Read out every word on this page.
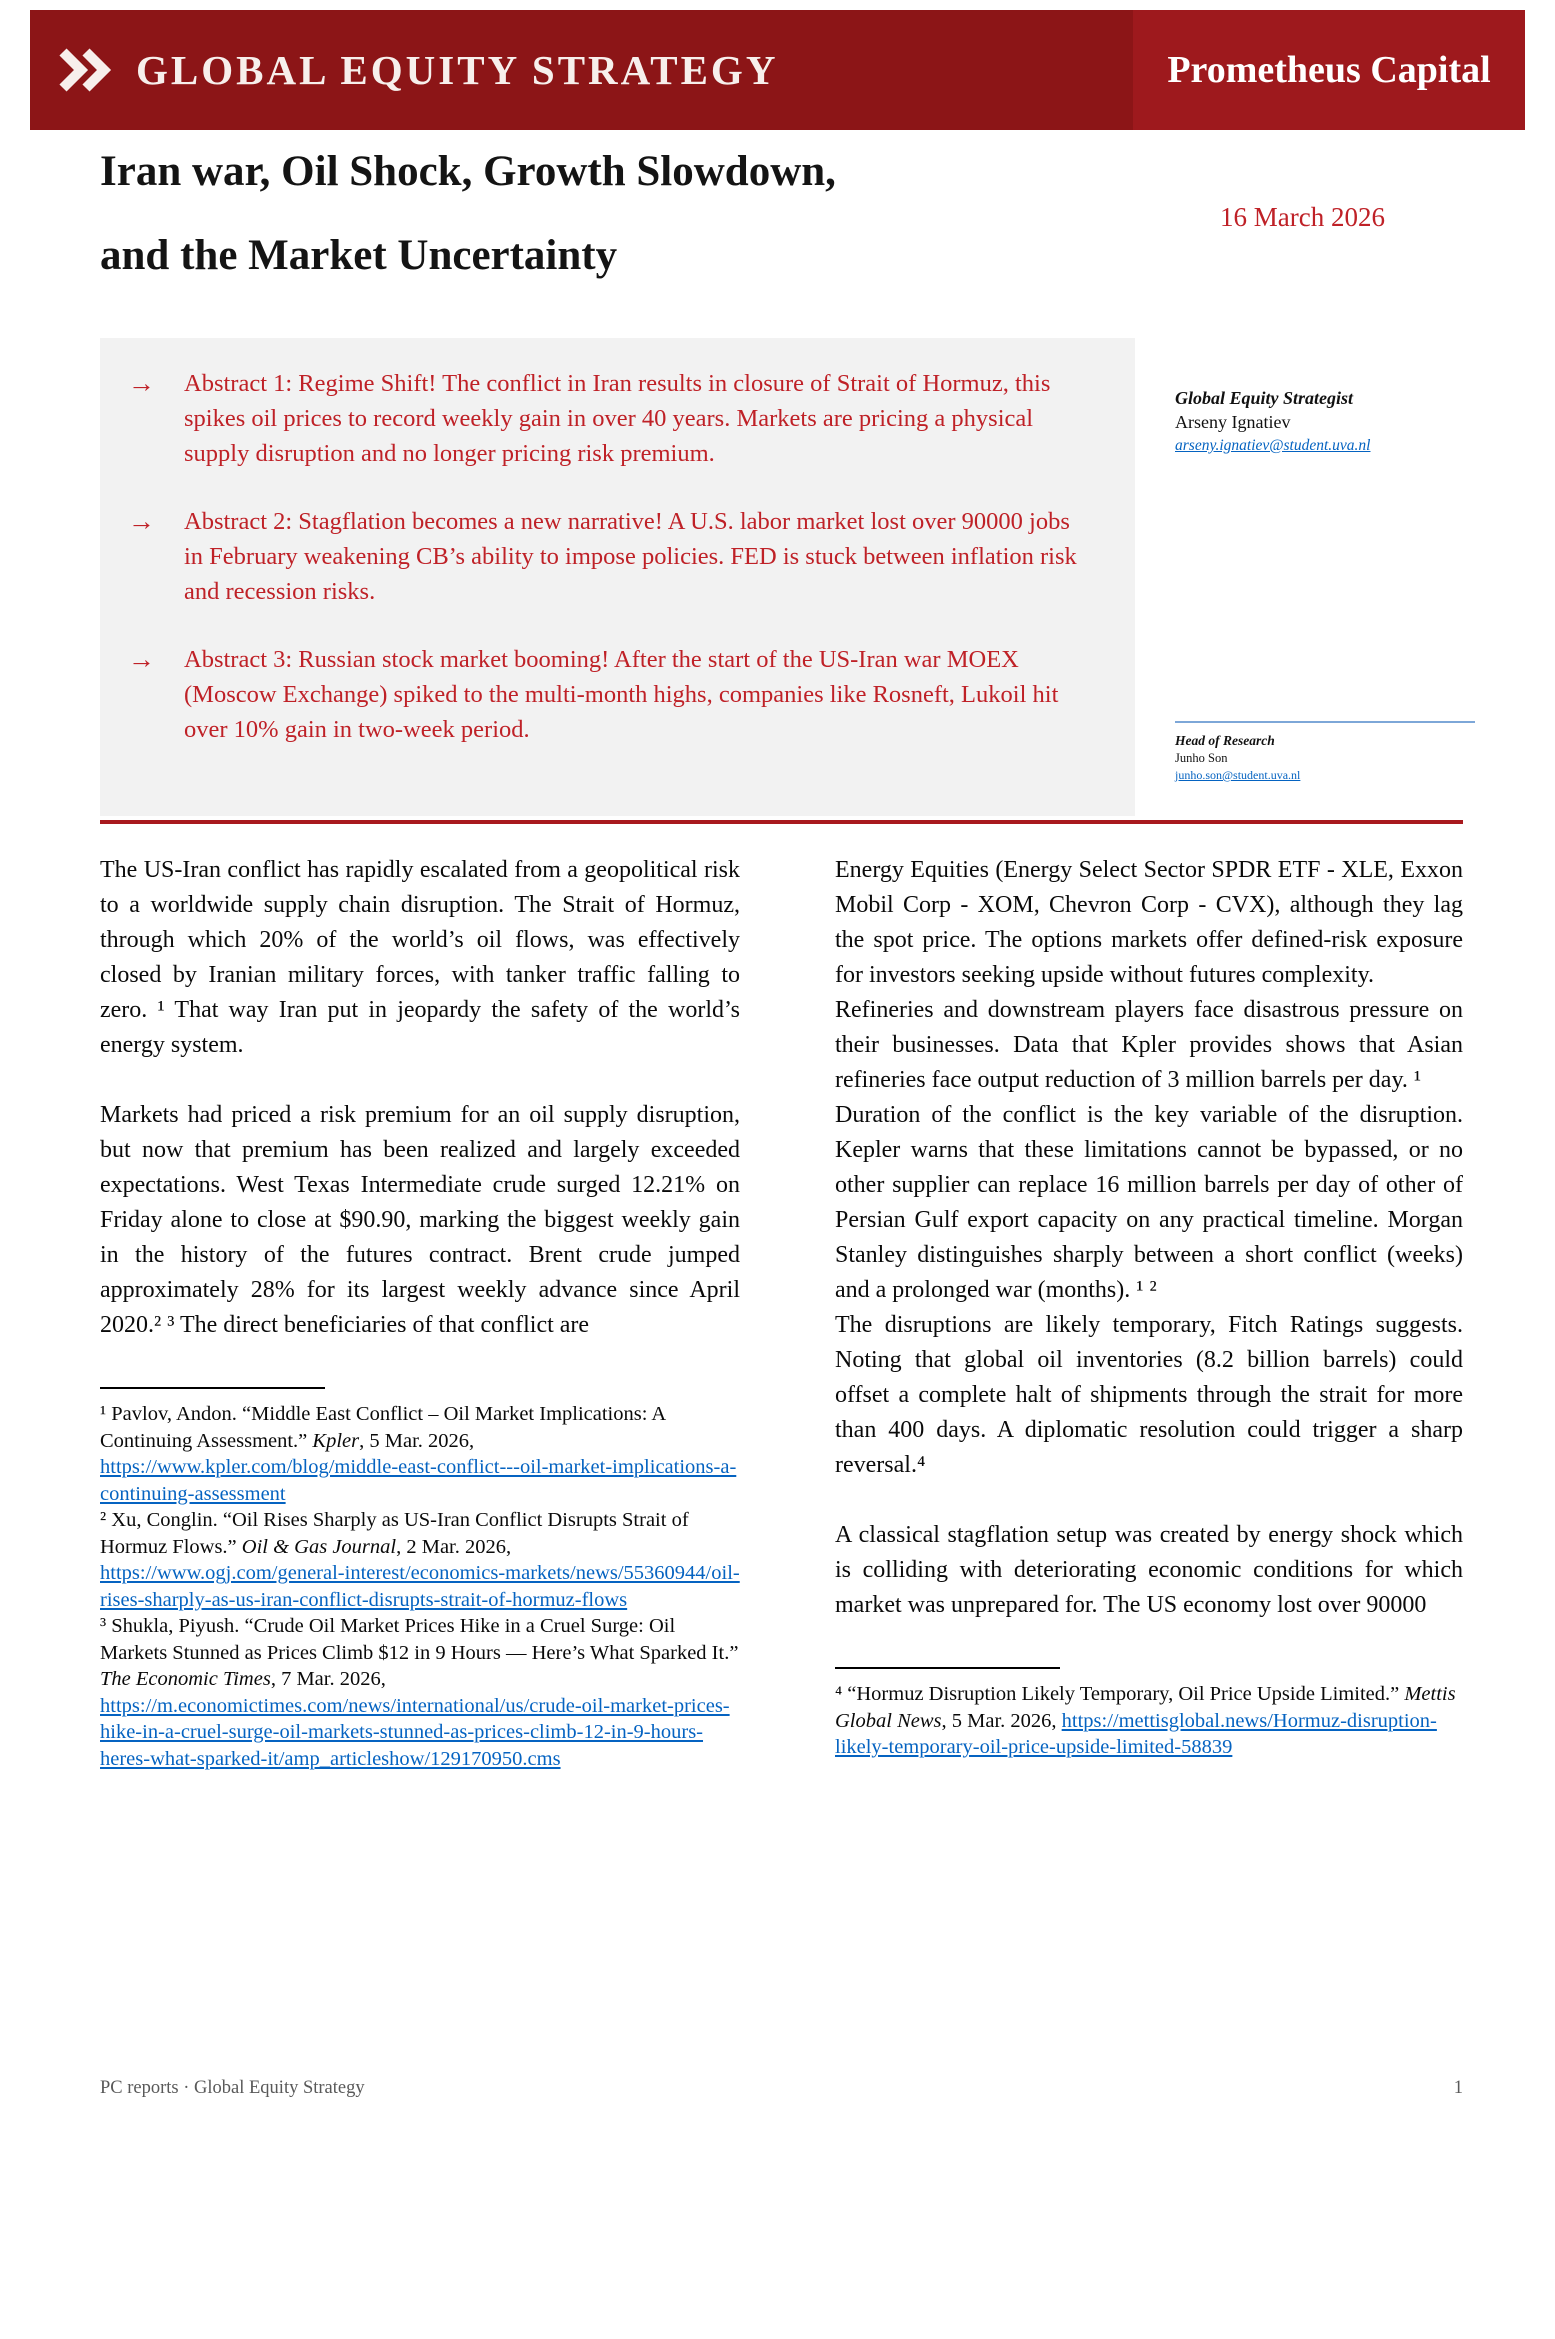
GLOBAL EQUITY STRATEGY	Prometheus Capital
Iran war, Oil Shock, Growth Slowdown,
and the Market Uncertainty
16 March 2026
→	Abstract 1: Regime Shift! The conflict in Iran results in closure of Strait of Hormuz, this spikes oil prices to record weekly gain in over 40 years. Markets are pricing a physical supply disruption and no longer pricing risk premium.
→	Abstract 2: Stagflation becomes a new narrative! A U.S. labor market lost over 90000 jobs in February weakening CB’s ability to impose policies. FED is stuck between inflation risk and recession risks.
→	Abstract 3: Russian stock market booming! After the start of the US-Iran war MOEX (Moscow Exchange) spiked to the multi-month highs, companies like Rosneft, Lukoil hit over 10% gain in two-week period.
Global Equity Strategist
Arseny Ignatiev
arseny.ignatiev@student.uva.nl
Head of Research
Junho Son
junho.son@student.uva.nl

The US-Iran conflict has rapidly escalated from a geopolitical risk to a worldwide supply chain disruption. The Strait of Hormuz, through which 20% of the world’s oil flows, was effectively closed by Iranian military forces, with tanker traffic falling to zero. ¹ That way Iran put in jeopardy the safety of the world’s energy system.

Markets had priced a risk premium for an oil supply disruption, but now that premium has been realized and largely exceeded expectations. West Texas Intermediate crude surged 12.21% on Friday alone to close at $90.90, marking the biggest weekly gain in the history of the futures contract. Brent crude jumped approximately 28% for its largest weekly advance since April 2020.² ³ The direct beneficiaries of that conflict are

¹ Pavlov, Andon. “Middle East Conflict – Oil Market Implications: A Continuing Assessment.” Kpler, 5 Mar. 2026, https://www.kpler.com/blog/middle-east-conflict---oil-market-implications-a-continuing-assessment

² Xu, Conglin. “Oil Rises Sharply as US-Iran Conflict Disrupts Strait of Hormuz Flows.” Oil & Gas Journal, 2 Mar. 2026, https://www.ogj.com/general-interest/economics-markets/news/55360944/oil-rises-sharply-as-us-iran-conflict-disrupts-strait-of-hormuz-flows

³ Shukla, Piyush. “Crude Oil Market Prices Hike in a Cruel Surge: Oil Markets Stunned as Prices Climb $12 in 9 Hours — Here’s What Sparked It.” The Economic Times, 7 Mar. 2026, https://m.economictimes.com/news/international/us/crude-oil-market-prices-hike-in-a-cruel-surge-oil-markets-stunned-as-prices-climb-12-in-9-hours-heres-what-sparked-it/amp_articleshow/129170950.cms

Energy Equities (Energy Select Sector SPDR ETF - XLE, Exxon Mobil Corp - XOM, Chevron Corp - CVX), although they lag the spot price. The options markets offer defined-risk exposure for investors seeking upside without futures complexity.

Refineries and downstream players face disastrous pressure on their businesses. Data that Kpler provides shows that Asian refineries face output reduction of 3 million barrels per day. ¹

Duration of the conflict is the key variable of the disruption. Kepler warns that these limitations cannot be bypassed, or no other supplier can replace 16 million barrels per day of other of Persian Gulf export capacity on any practical timeline. Morgan Stanley distinguishes sharply between a short conflict (weeks) and a prolonged war (months). ¹ ²

The disruptions are likely temporary, Fitch Ratings suggests. Noting that global oil inventories (8.2 billion barrels) could offset a complete halt of shipments through the strait for more than 400 days. A diplomatic resolution could trigger a sharp reversal.⁴

A classical stagflation setup was created by energy shock which is colliding with deteriorating economic conditions for which market was unprepared for. The US economy lost over 90000

⁴ “Hormuz Disruption Likely Temporary, Oil Price Upside Limited.” Mettis Global News, 5 Mar. 2026, https://mettisglobal.news/Hormuz-disruption-likely-temporary-oil-price-upside-limited-58839

PC reports · Global Equity Strategy	1
